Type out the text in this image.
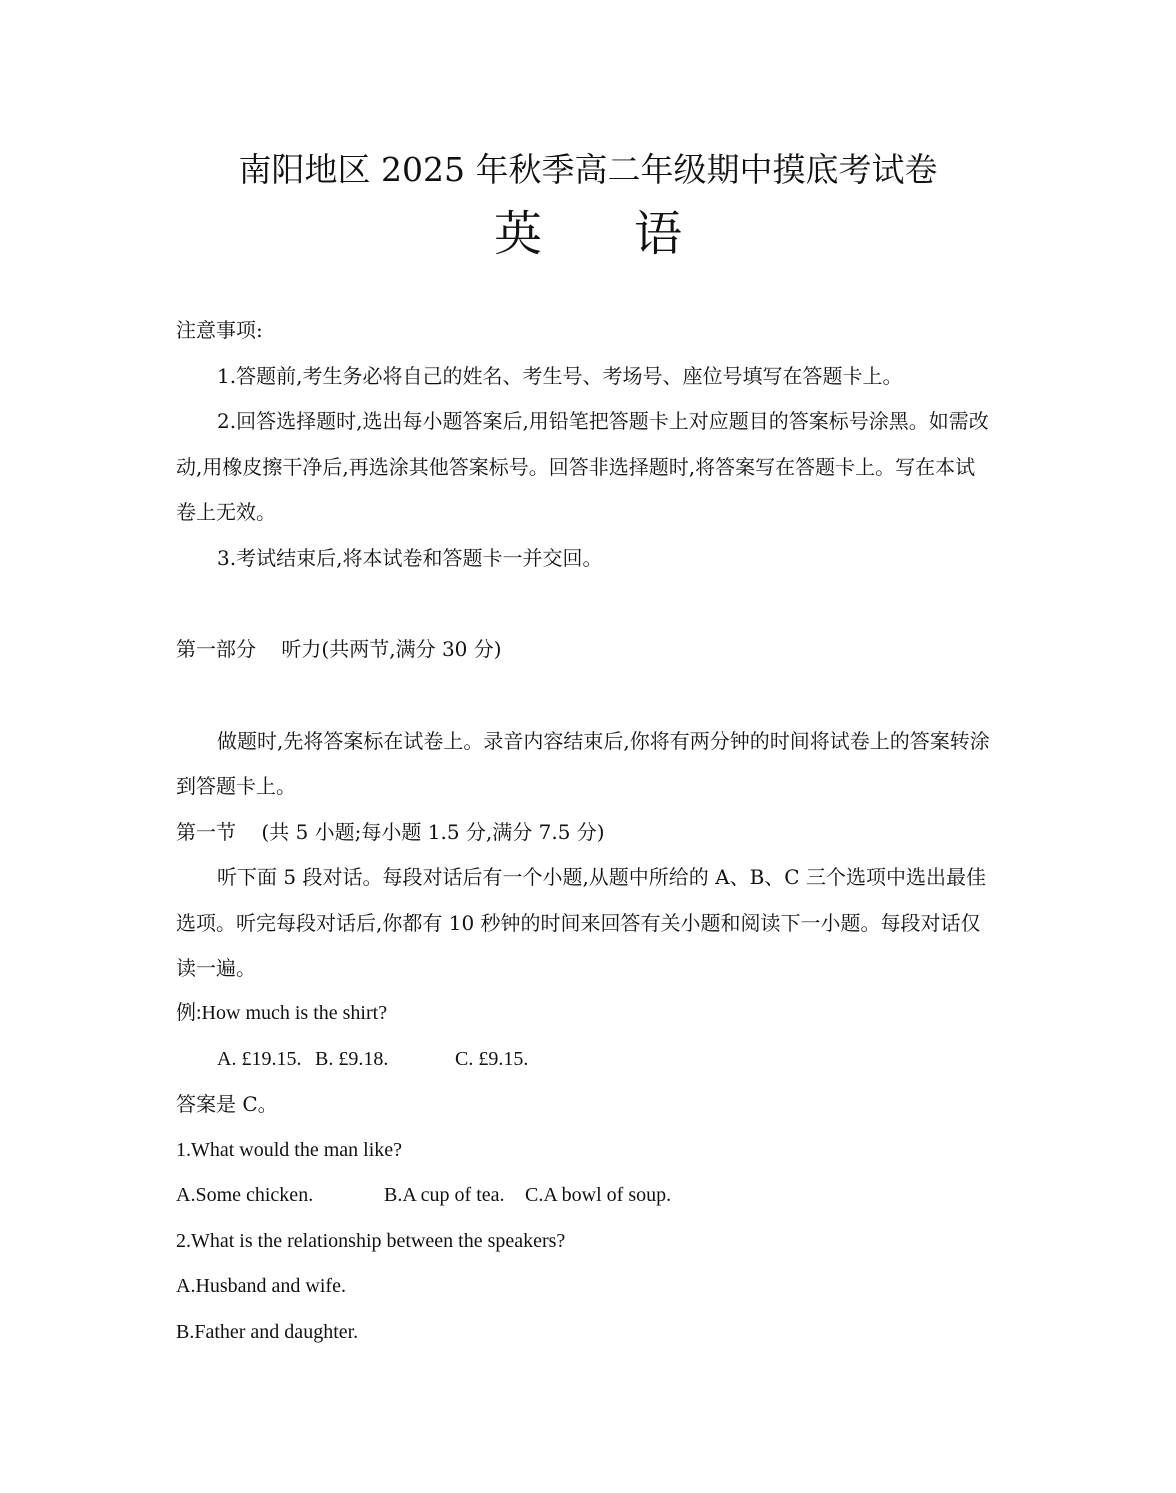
南阳地区 2025 年秋季高二年级期中摸底考试卷
英语
注意事项:
1.答题前,考生务必将自己的姓名、考生号、考场号、座位号填写在答题卡上。
2.回答选择题时,选出每小题答案后,用铅笔把答题卡上对应题目的答案标号涂黑。如需改
动,用橡皮擦干净后,再选涂其他答案标号。回答非选择题时,将答案写在答题卡上。写在本试
卷上无效。
3.考试结束后,将本试卷和答题卡一并交回。
第一部分    听力(共两节,满分 30 分)
做题时,先将答案标在试卷上。录音内容结束后,你将有两分钟的时间将试卷上的答案转涂
到答题卡上。
第一节    (共 5 小题;每小题 1.5 分,满分 7.5 分)
听下面 5 段对话。每段对话后有一个小题,从题中所给的 A、B、C 三个选项中选出最佳
选项。听完每段对话后,你都有 10 秒钟的时间来回答有关小题和阅读下一小题。每段对话仅
读一遍。
例:How much is the shirt?
A. £19.15. B. £9.18.	C. £9.15.
答案是 C。
1.What would the man like?
A.Some chicken.	B.A cup of tea. C.A bowl of soup.
2.What is the relationship between the speakers?
A.Husband and wife.
B.Father and daughter.
